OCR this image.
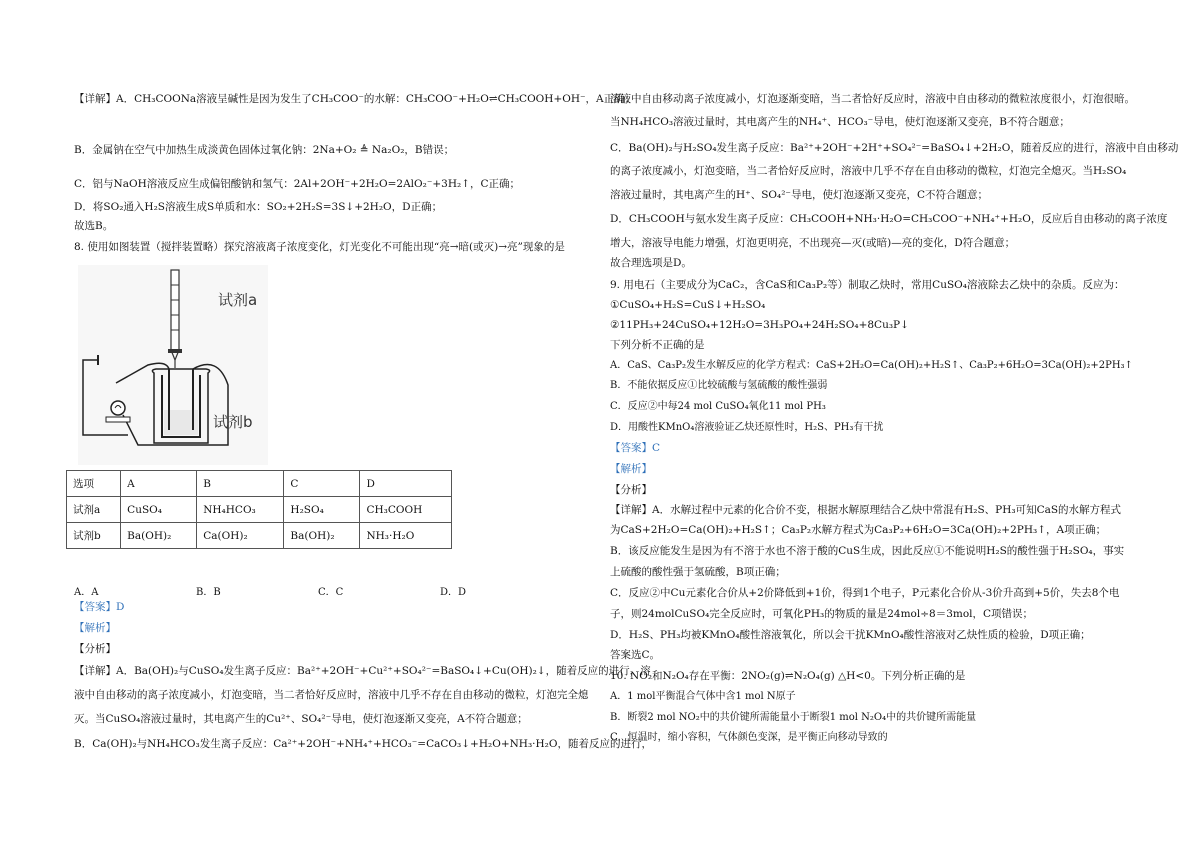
【详解】A．CH₃COONa溶液呈碱性是因为发生了CH₃COO⁻的水解：CH₃COO⁻+H₂O⇌CH₃COOH+OH⁻，A正确；
B．金属钠在空气中加热生成淡黄色固体过氧化钠：2Na+O₂ ≜ Na₂O₂，B错误；
C．铝与NaOH溶液反应生成偏铝酸钠和氢气：2Al+2OH⁻+2H₂O=2AlO₂⁻+3H₂↑，C正确；
D．将SO₂通入H₂S溶液生成S单质和水：SO₂+2H₂S=3S↓+2H₂O，D正确；
故选B。
8. 使用如图装置（搅拌装置略）探究溶液离子浓度变化，灯光变化不可能出现“亮→暗(或灭)→亮”现象的是
试剂a
试剂b
选项	A	B	C	D
试剂a	CuSO₄	NH₄HCO₃	H₂SO₄	CH₃COOH
试剂b	Ba(OH)₂	Ca(OH)₂	Ba(OH)₂	NH₃·H₂O
A．A	B．B	C．C	D．D
【答案】D
【解析】
【分析】
【详解】A．Ba(OH)₂与CuSO₄发生离子反应：Ba²⁺+2OH⁻+Cu²⁺+SO₄²⁻=BaSO₄↓+Cu(OH)₂↓，随着反应的进行，溶
液中自由移动的离子浓度减小，灯泡变暗，当二者恰好反应时，溶液中几乎不存在自由移动的微粒，灯泡完全熄
灭。当CuSO₄溶液过量时，其电离产生的Cu²⁺、SO₄²⁻导电，使灯泡逐渐又变亮，A不符合题意；
B．Ca(OH)₂与NH₄HCO₃发生离子反应：Ca²⁺+2OH⁻+NH₄⁺+HCO₃⁻=CaCO₃↓+H₂O+NH₃·H₂O，随着反应的进行，
溶液中自由移动离子浓度减小，灯泡逐渐变暗，当二者恰好反应时，溶液中自由移动的微粒浓度很小，灯泡很暗。
当NH₄HCO₃溶液过量时，其电离产生的NH₄⁺、HCO₃⁻导电，使灯泡逐渐又变亮，B不符合题意；
C．Ba(OH)₂与H₂SO₄发生离子反应：Ba²⁺+2OH⁻+2H⁺+SO₄²⁻=BaSO₄↓+2H₂O，随着反应的进行，溶液中自由移动
的离子浓度减小，灯泡变暗，当二者恰好反应时，溶液中几乎不存在自由移动的微粒，灯泡完全熄灭。当H₂SO₄
溶液过量时，其电离产生的H⁺、SO₄²⁻导电，使灯泡逐渐又变亮，C不符合题意；
D．CH₃COOH与氨水发生离子反应：CH₃COOH+NH₃·H₂O=CH₃COO⁻+NH₄⁺+H₂O，反应后自由移动的离子浓度
增大，溶液导电能力增强，灯泡更明亮，不出现亮—灭(或暗)—亮的变化，D符合题意；
故合理选项是D。
9. 用电石（主要成分为CaC₂，含CaS和Ca₃P₂等）制取乙炔时，常用CuSO₄溶液除去乙炔中的杂质。反应为：
①CuSO₄+H₂S=CuS↓+H₂SO₄
②11PH₃+24CuSO₄+12H₂O=3H₃PO₄+24H₂SO₄+8Cu₃P↓
下列分析不正确的是
A．CaS、Ca₃P₂发生水解反应的化学方程式：CaS+2H₂O=Ca(OH)₂+H₂S↑、Ca₃P₂+6H₂O=3Ca(OH)₂+2PH₃↑
B．不能依据反应①比较硫酸与氢硫酸的酸性强弱
C．反应②中每24 mol CuSO₄氧化11 mol PH₃
D．用酸性KMnO₄溶液验证乙炔还原性时，H₂S、PH₃有干扰
【答案】C
【解析】
【分析】
【详解】A．水解过程中元素的化合价不变，根据水解原理结合乙炔中常混有H₂S、PH₃可知CaS的水解方程式
为CaS+2H₂O=Ca(OH)₂+H₂S↑；Ca₃P₂水解方程式为Ca₃P₂+6H₂O=3Ca(OH)₂+2PH₃↑，A项正确；
B．该反应能发生是因为有不溶于水也不溶于酸的CuS生成，因此反应①不能说明H₂S的酸性强于H₂SO₄，事实
上硫酸的酸性强于氢硫酸，B项正确；
C．反应②中Cu元素化合价从+2价降低到+1价，得到1个电子，P元素化合价从-3价升高到+5价，失去8个电
子，则24molCuSO₄完全反应时，可氧化PH₃的物质的量是24mol÷8＝3mol，C项错误；
D．H₂S、PH₃均被KMnO₄酸性溶液氧化，所以会干扰KMnO₄酸性溶液对乙炔性质的检验，D项正确；
答案选C。
10. NO₂和N₂O₄存在平衡：2NO₂(g)⇌N₂O₄(g) △H<0。下列分析正确的是
A．1 mol平衡混合气体中含1 mol N原子
B．断裂2 mol NO₂中的共价键所需能量小于断裂1 mol N₂O₄中的共价键所需能量
C．恒温时，缩小容积，气体颜色变深，是平衡正向移动导致的
